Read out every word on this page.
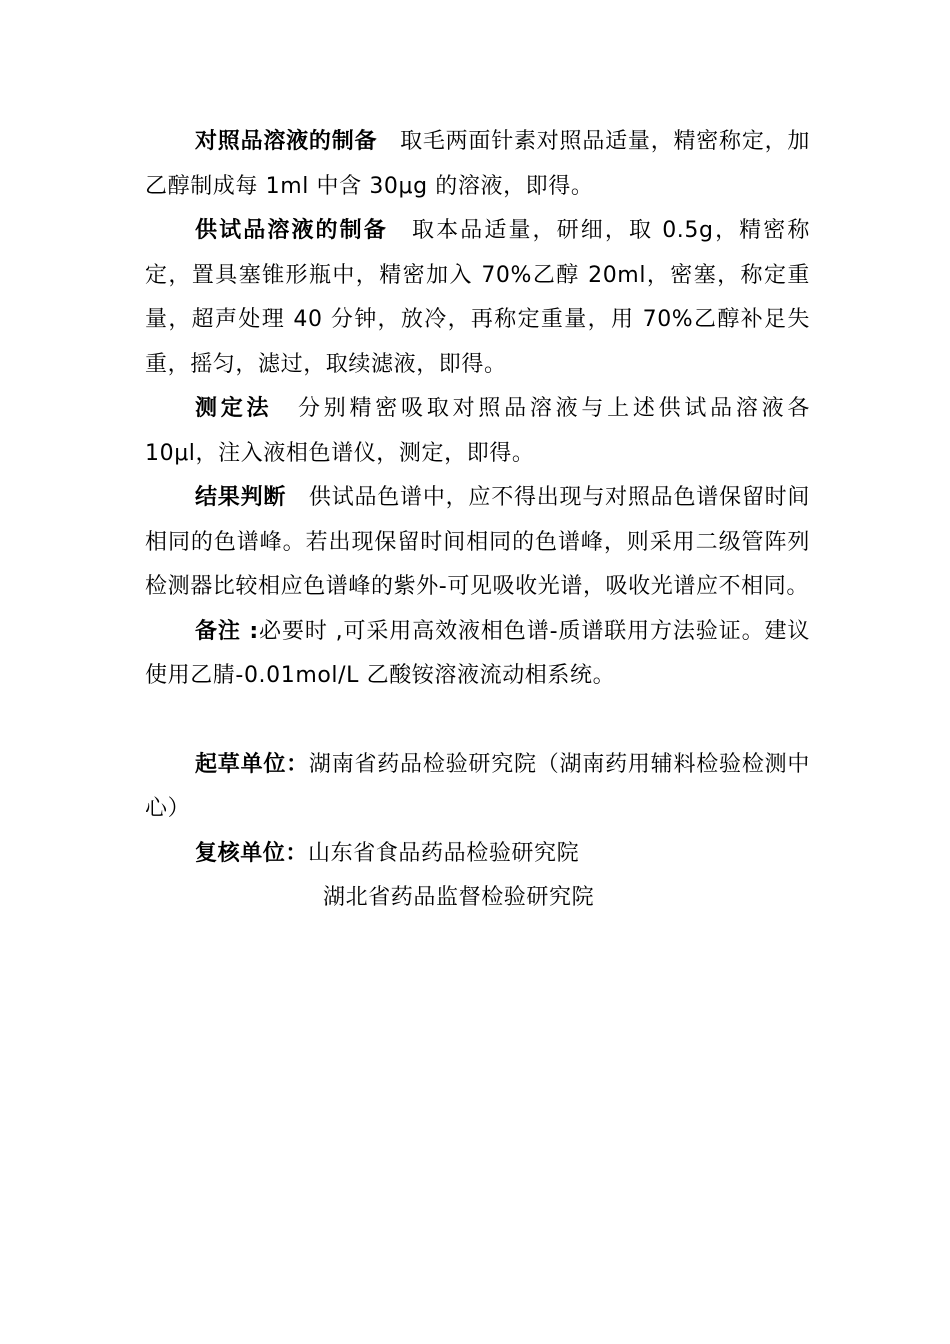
对照品溶液的制备　取毛两面针素对照品适量，精密称定，加乙醇制成每 1ml 中含 30μg 的溶液，即得。

供试品溶液的制备　取本品适量，研细，取 0.5g，精密称定，置具塞锥形瓶中，精密加入 70%乙醇 20ml，密塞，称定重量，超声处理 40 分钟，放冷，再称定重量，用 70%乙醇补足失重，摇匀，滤过，取续滤液，即得。

测定法　分别精密吸取对照品溶液与上述供试品溶液各 10μl，注入液相色谱仪，测定，即得。

结果判断　供试品色谱中，应不得出现与对照品色谱保留时间相同的色谱峰。若出现保留时间相同的色谱峰，则采用二级管阵列检测器比较相应色谱峰的紫外-可见吸收光谱，吸收光谱应不相同。

备注 :必要时 ,可采用高效液相色谱-质谱联用方法验证。建议使用乙腈-0.01mol/L 乙酸铵溶液流动相系统。

起草单位：湖南省药品检验研究院（湖南药用辅料检验检测中心）

复核单位：山东省食品药品检验研究院

湖北省药品监督检验研究院
